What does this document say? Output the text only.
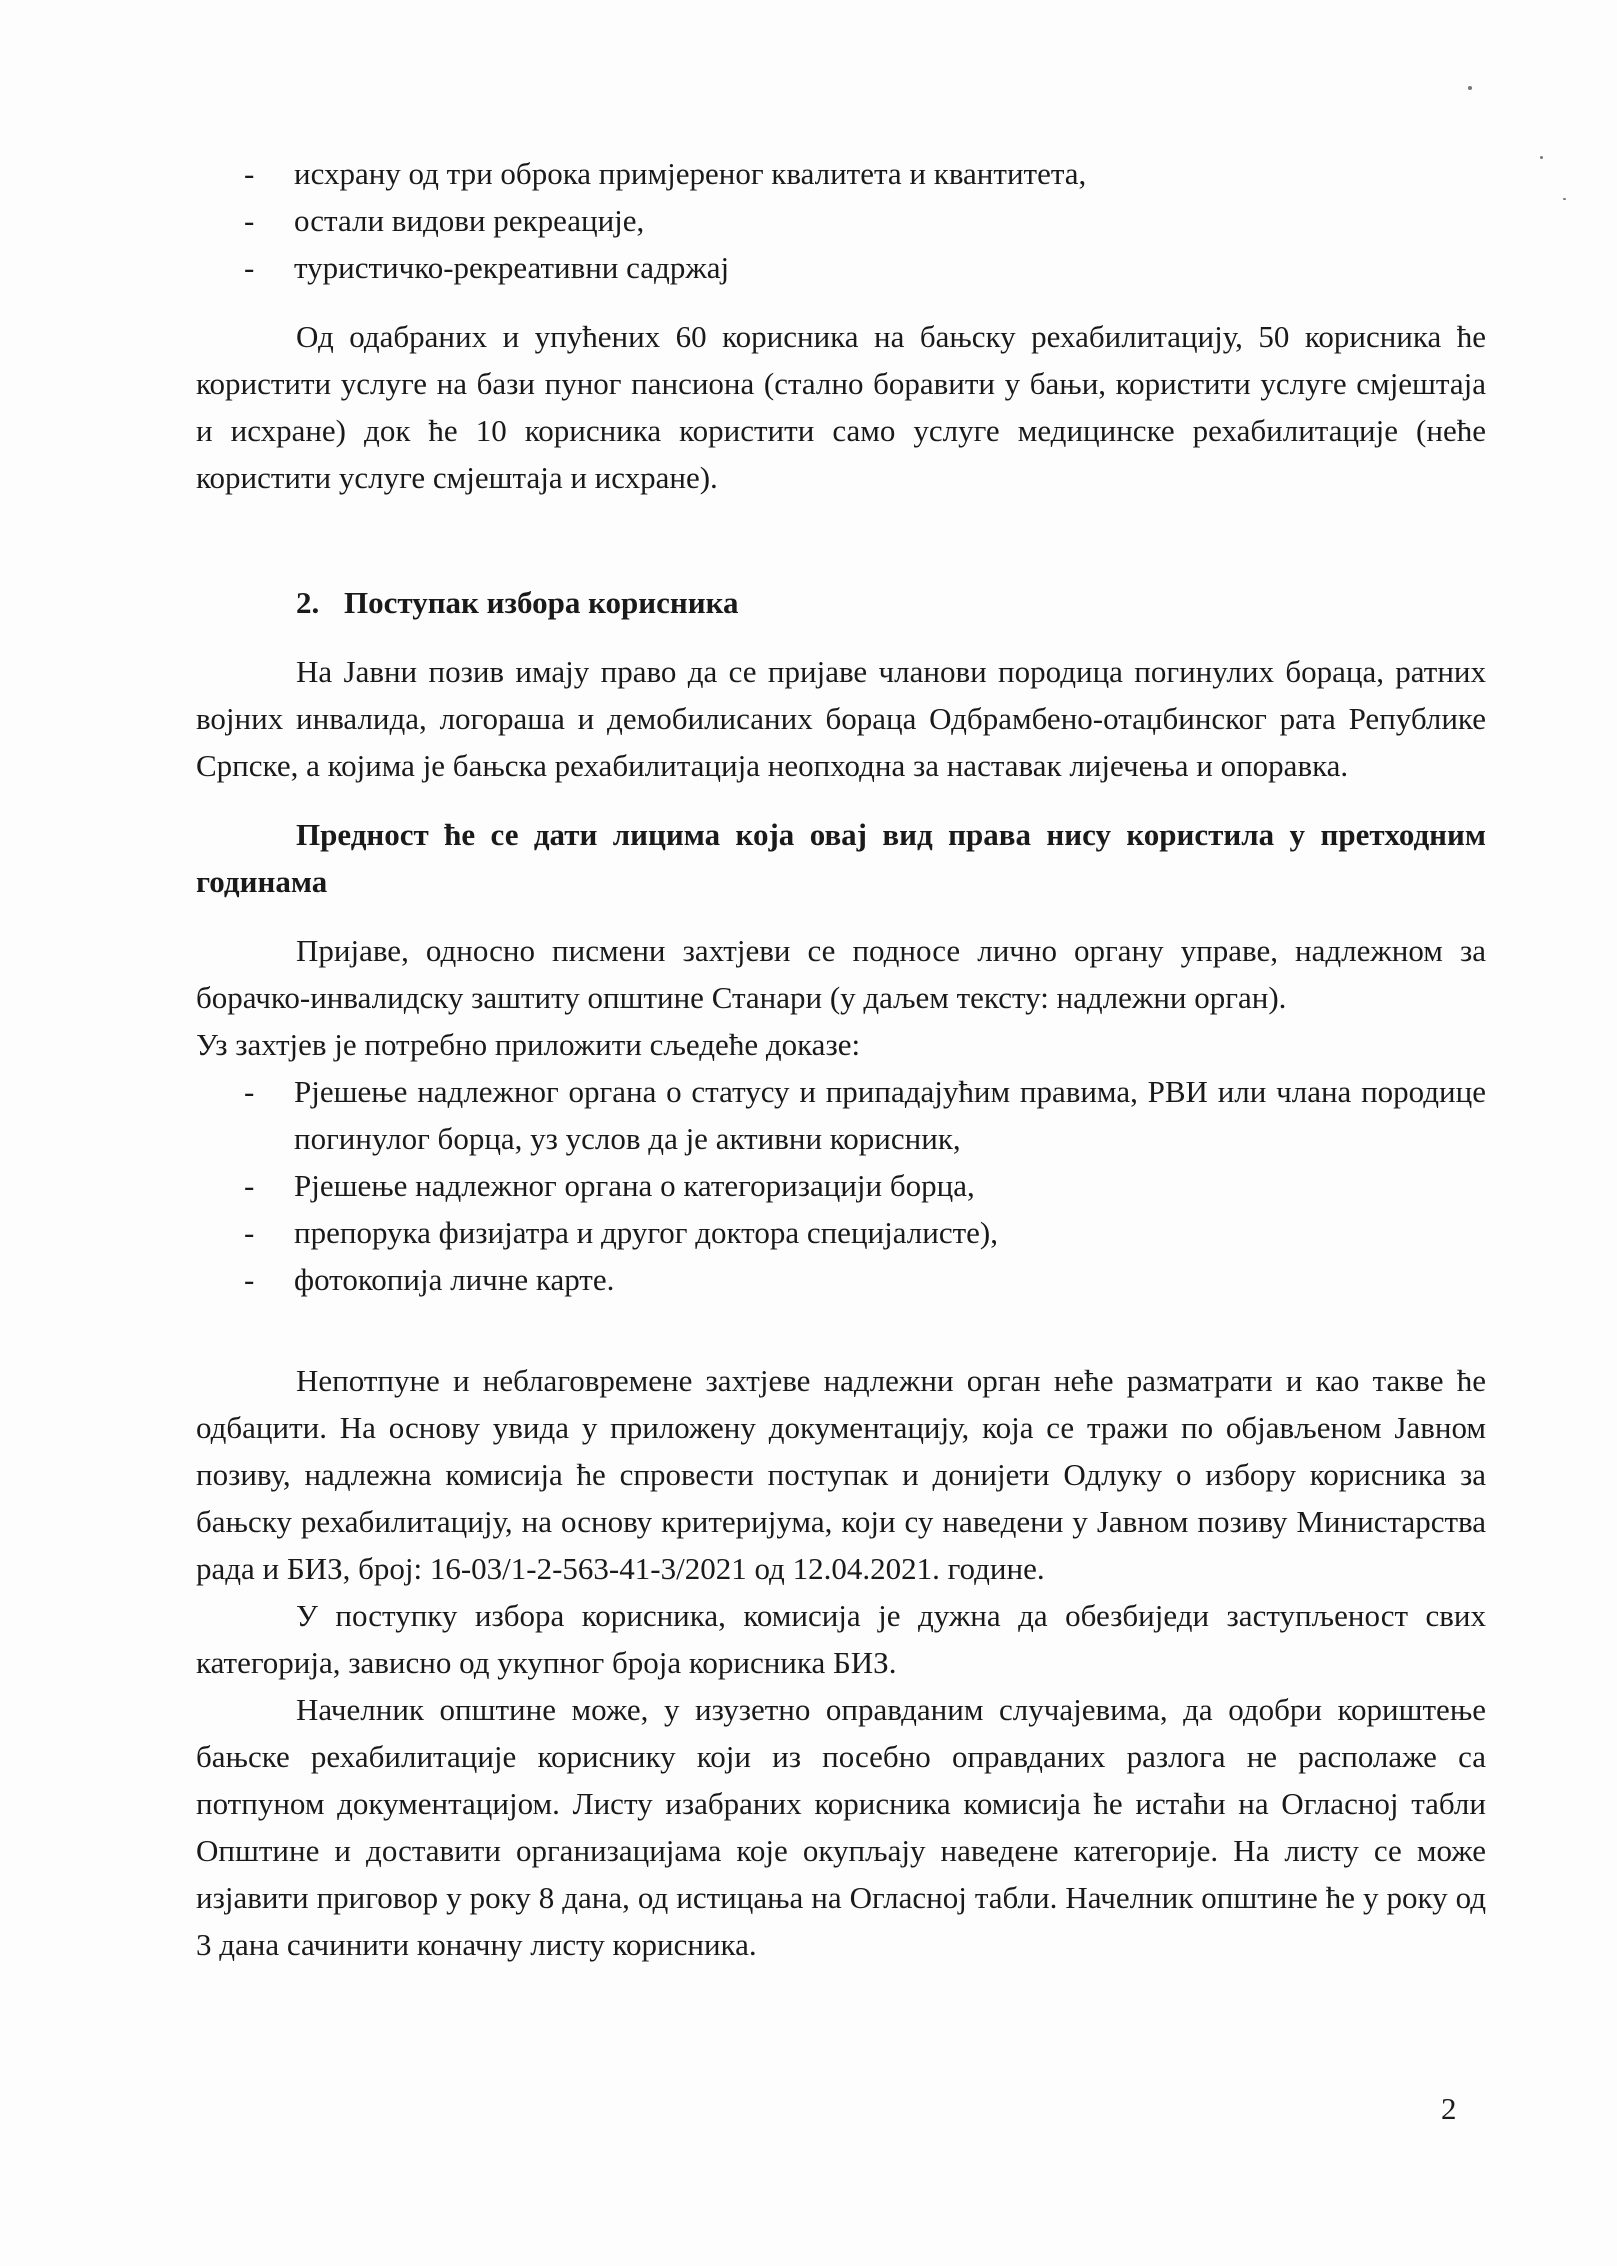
- исхрану од три оброка примјереног квалитета и квантитета,
- остали видови рекреације,
- туристичко-рекреативни садржај

Од одабраних и упућених 60 корисника на бањску рехабилитацију, 50 корисника ће користити услуге на бази пуног пансиона (стално боравити у бањи, користити услуге смјештаја и исхране) док ће 10 корисника користити само услуге медицинске рехабилитације (неће користити услуге смјештаја и исхране).

2. Поступак избора корисника

На Јавни позив имају право да се пријаве чланови породица погинулих бораца, ратних војних инвалида, логораша и демобилисаних бораца Одбрамбено-отаџбинског рата Републике Српске, а којима је бањска рехабилитација неопходна за наставак лијечења и опоравка.

Предност ће се дати лицима која овај вид права нису користила у претходним годинама

Пријаве, односно писмени захтјеви се подносе лично органу управе, надлежном за борачко-инвалидску заштиту општине Станари (у даљем тексту: надлежни орган).

Уз захтјев је потребно приложити сљедеће доказе:

- Рјешење надлежног органа о статусу и припадајућим правима, РВИ или члана породице погинулог борца, уз услов да је активни корисник,
- Рјешење надлежног органа о категоризацији борца,
- препорука физијатра и другог доктора специјалисте),
- фотокопија личне карте.

Непотпуне и неблаговремене захтјеве надлежни орган неће разматрати и као такве ће одбацити. На основу увида у приложену документацију, која се тражи по објављеном Јавном позиву, надлежна комисија ће спровести поступак и донијети Одлуку о избору корисника за бањску рехабилитацију, на основу критеријума, који су наведени у Јавном позиву Министарства рада и БИЗ, број: 16-03/1-2-563-41-3/2021 од 12.04.2021. године.

У поступку избора корисника, комисија је дужна да обезбиједи заступљеност свих категорија, зависно од укупног броја корисника БИЗ.

Начелник општине може, у изузетно оправданим случајевима, да одобри кориштење бањске рехабилитације кориснику који из посебно оправданих разлога не располаже са потпуном документацијом. Листу изабраних корисника комисија ће истаћи на Огласној табли Општине и доставити организацијама које окупљају наведене категорије. На листу се може изјавити приговор у року 8 дана, од истицања на Огласној табли. Начелник општине ће у року од 3 дана сачинити коначну листу корисника.

2
